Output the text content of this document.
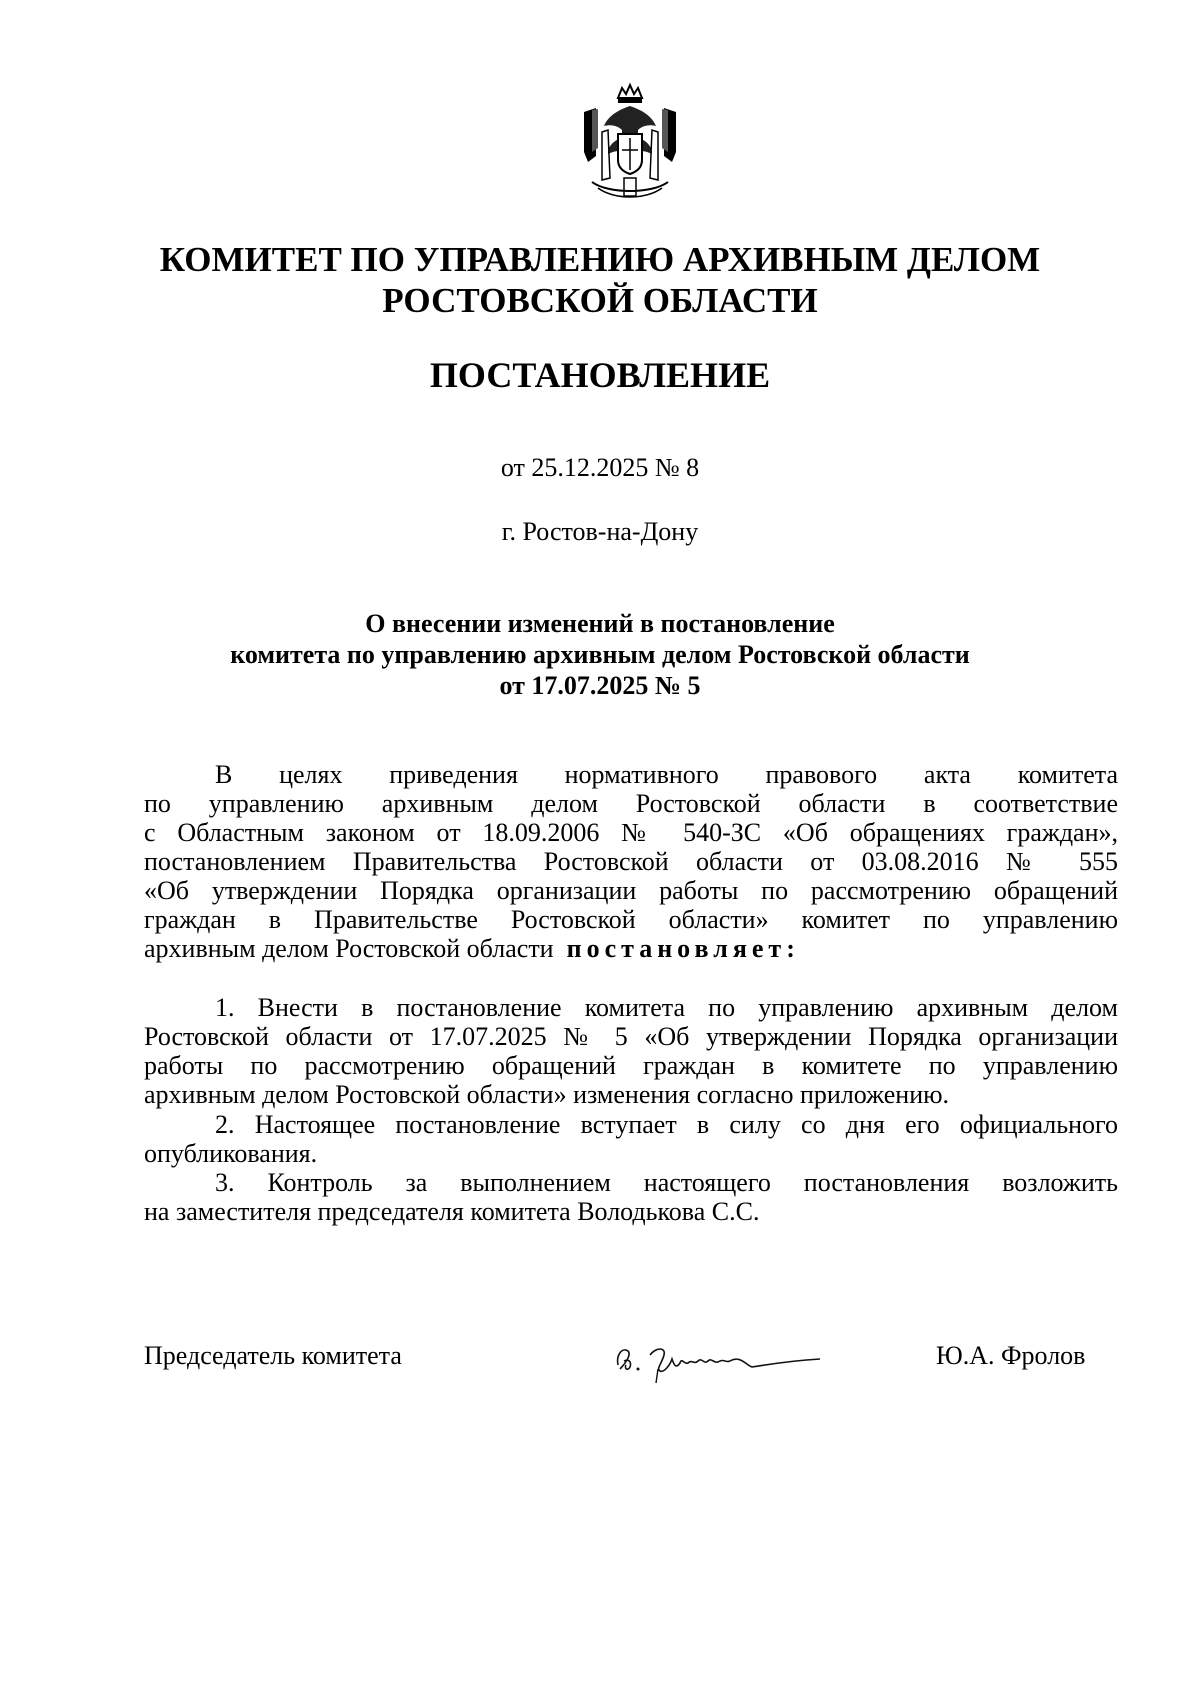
КОМИТЕТ ПО УПРАВЛЕНИЮ АРХИВНЫМ ДЕЛОМ
РОСТОВСКОЙ ОБЛАСТИ
ПОСТАНОВЛЕНИЕ
от 25.12.2025 № 8
г. Ростов-на-Дону
О внесении изменений в постановление
комитета по управлению архивным делом Ростовской области
от 17.07.2025 № 5
В целях приведения нормативного правового акта комитета
по управлению архивным делом Ростовской области в соответствие
с Областным законом от 18.09.2006 № 540-ЗС «Об обращениях граждан»,
постановлением Правительства Ростовской области от 03.08.2016 № 555
«Об утверждении Порядка организации работы по рассмотрению обращений
граждан в Правительстве Ростовской области» комитет по управлению
архивным делом Ростовской области постановляет:
1. Внести в постановление комитета по управлению архивным делом
Ростовской области от 17.07.2025 № 5 «Об утверждении Порядка организации
работы по рассмотрению обращений граждан в комитете по управлению
архивным делом Ростовской области» изменения согласно приложению.
2. Настоящее постановление вступает в силу со дня его официального
опубликования.
3. Контроль за выполнением настоящего постановления возложить
на заместителя председателя комитета Володькова С.С.
Председатель комитета	Ю.А. Фролов
